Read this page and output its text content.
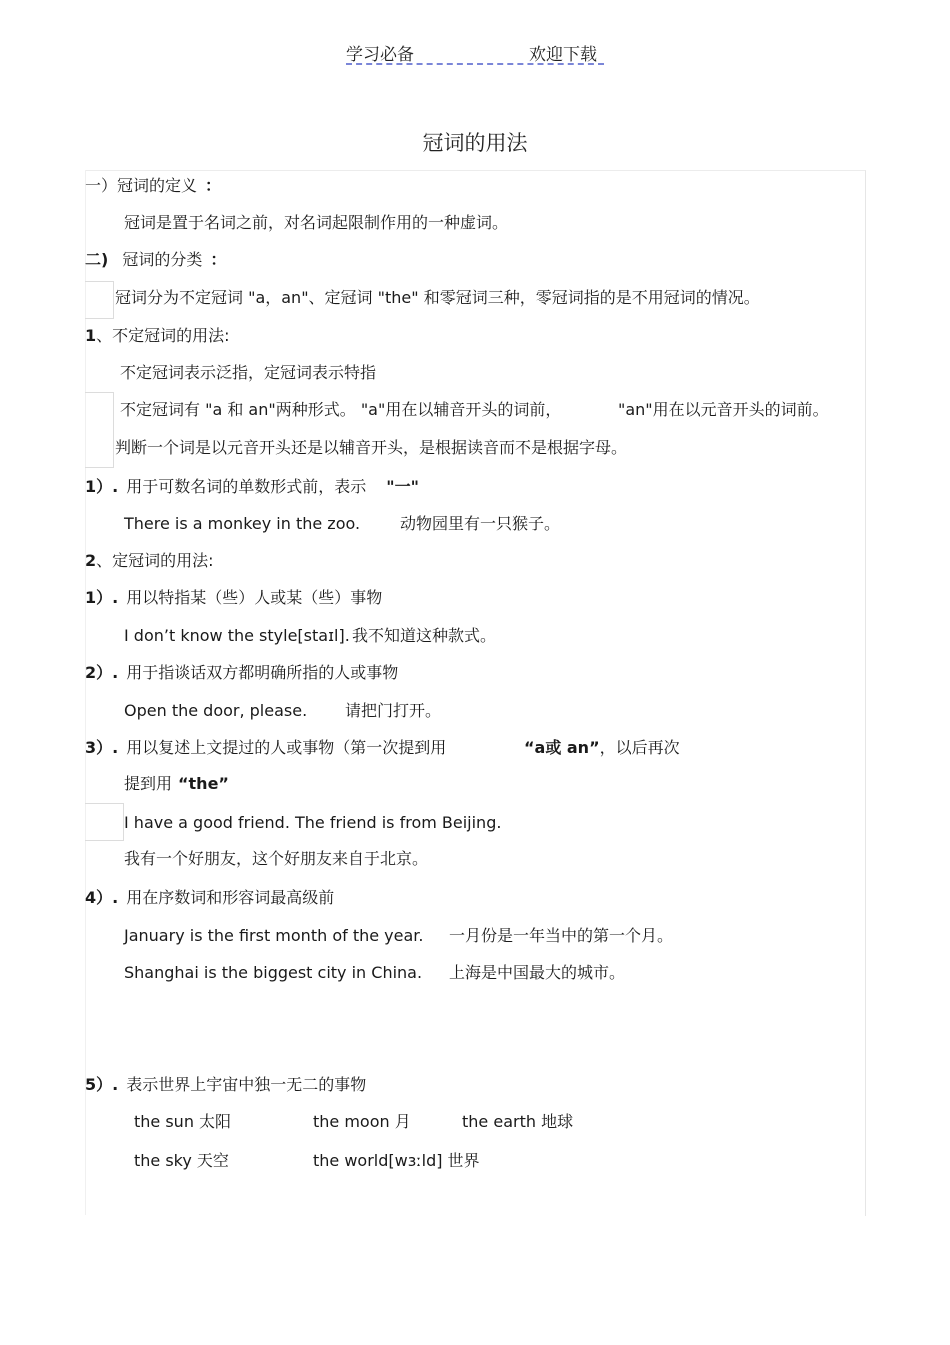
学习必备	欢迎下载
冠词的用法
一）冠词的定义 ：
冠词是置于名词之前，对名词起限制作用的一种虚词。
二) 冠词的分类 ：
冠词分为不定冠词 "a，an"、定冠词 "the" 和零冠词三种，零冠词指的是不用冠词的情况。
1、不定冠词的用法:
不定冠词表示泛指，定冠词表示特指
不定冠词有 "a 和 an"两种形式。 "a"用在以辅音开头的词前，	"an"用在以元音开头的词前。
判断一个词是以元音开头还是以辅音开头，是根据读音而不是根据字母。
1）. 用于可数名词的单数形式前，表示 "一"
There is a monkey in the zoo. 动物园里有一只猴子。
2、定冠词的用法:
1）. 用以特指某（些）人或某（些）事物
I don’t know the style[staɪl]. 我不知道这种款式。
2）. 用于指谈话双方都明确所指的人或事物
Open the door, please. 请把门打开。
3）. 用以复述上文提过的人或事物（第一次提到用	“a或 an”，以后再次
提到用 “the”
I have a good friend. The friend is from Beijing.
我有一个好朋友，这个好朋友来自于北京。
4）. 用在序数词和形容词最高级前
January is the first month of the year. 一月份是一年当中的第一个月。
Shanghai is the biggest city in China. 上海是中国最大的城市。
5）. 表示世界上宇宙中独一无二的事物
the sun 太阳	the moon 月	the earth 地球
the sky 天空	the world[wɜːld] 世界
